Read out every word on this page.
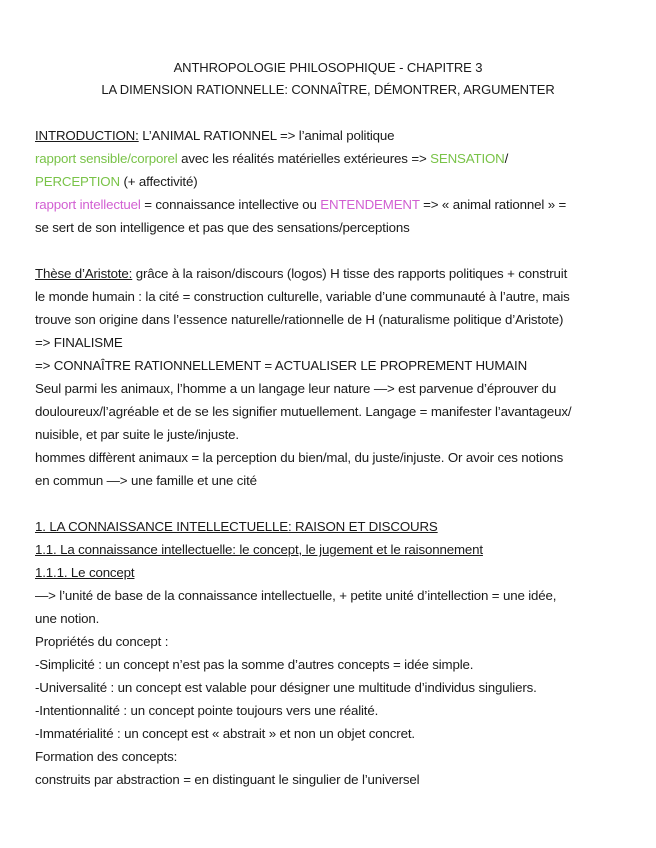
ANTHROPOLOGIE PHILOSOPHIQUE - CHAPITRE 3
LA DIMENSION RATIONNELLE: CONNAÎTRE, DÉMONTRER, ARGUMENTER
INTRODUCTION: L’ANIMAL RATIONNEL => l’animal politique
rapport sensible/corporel avec les réalités matérielles extérieures => SENSATION/
PERCEPTION (+ affectivité)
rapport intellectuel = connaissance intellective ou ENTENDEMENT => « animal rationnel » =
se sert de son intelligence et pas que des sensations/perceptions
Thèse d’Aristote: grâce à la raison/discours (logos) H tisse des rapports politiques + construit
le monde humain : la cité = construction culturelle, variable d’une communauté à l’autre, mais
trouve son origine dans l’essence naturelle/rationnelle de H (naturalisme politique d’Aristote)
=> FINALISME
=> CONNAÎTRE RATIONNELLEMENT = ACTUALISER LE PROPREMENT HUMAIN
Seul parmi les animaux, l’homme a un langage leur nature —> est parvenue d’éprouver du
douloureux/l’agréable et de se les signifier mutuellement. Langage = manifester l’avantageux/
nuisible, et par suite le juste/injuste.
hommes diffèrent animaux = la perception du bien/mal, du juste/injuste. Or avoir ces notions
en commun —> une famille et une cité
1. LA CONNAISSANCE INTELLECTUELLE: RAISON ET DISCOURS
1.1. La connaissance intellectuelle: le concept, le jugement et le raisonnement
1.1.1. Le concept
—> l’unité de base de la connaissance intellectuelle, + petite unité d’intellection = une idée,
une notion.
Propriétés du concept :
-Simplicité : un concept n’est pas la somme d’autres concepts = idée simple.
-Universalité : un concept est valable pour désigner une multitude d’individus singuliers.
-Intentionnalité : un concept pointe toujours vers une réalité.
-Immatérialité : un concept est « abstrait » et non un objet concret.
Formation des concepts:
construits par abstraction = en distinguant le singulier de l’universel
